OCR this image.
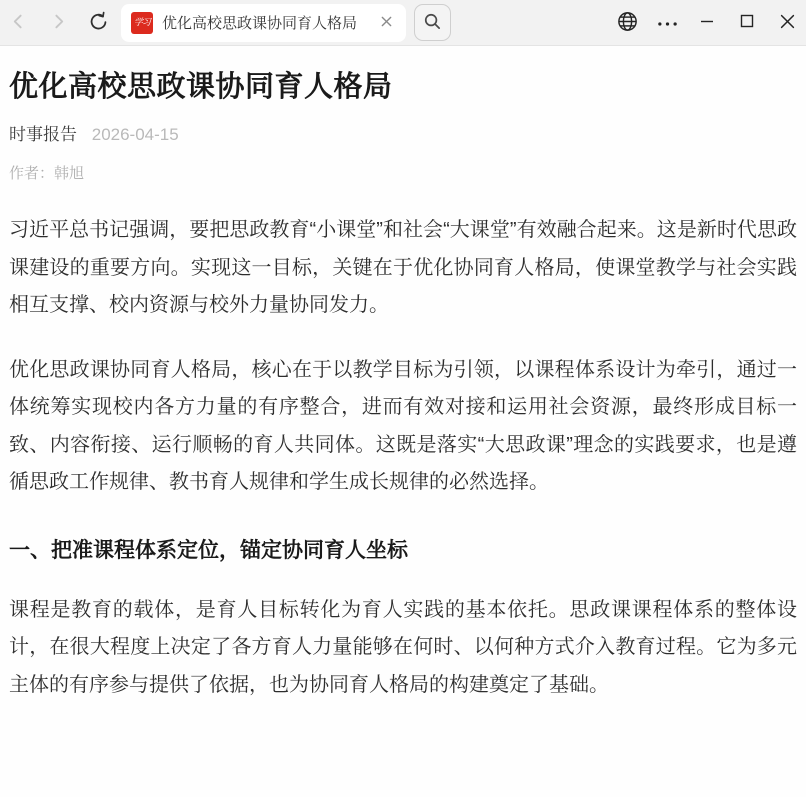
学习 优化高校思政课协同育人格局
优化高校思政课协同育人格局
时事报告 2026-04-15
作者：韩旭

习近平总书记强调，要把思政教育“小课堂”和社会“大课堂”有效融合起来。这是新时代思政课建设的重要方向。实现这一目标，关键在于优化协同育人格局，使课堂教学与社会实践相互支撑、校内资源与校外力量协同发力。

优化思政课协同育人格局，核心在于以教学目标为引领，以课程体系设计为牵引，通过一体统筹实现校内各方力量的有序整合，进而有效对接和运用社会资源，最终形成目标一致、内容衔接、运行顺畅的育人共同体。这既是落实“大思政课”理念的实践要求，也是遵循思政工作规律、教书育人规律和学生成长规律的必然选择。

一、把准课程体系定位，锚定协同育人坐标

课程是教育的载体，是育人目标转化为育人实践的基本依托。思政课课程体系的整体设计，在很大程度上决定了各方育人力量能够在何时、以何种方式介入教育过程。它为多元主体的有序参与提供了依据，也为协同育人格局的构建奠定了基础。
